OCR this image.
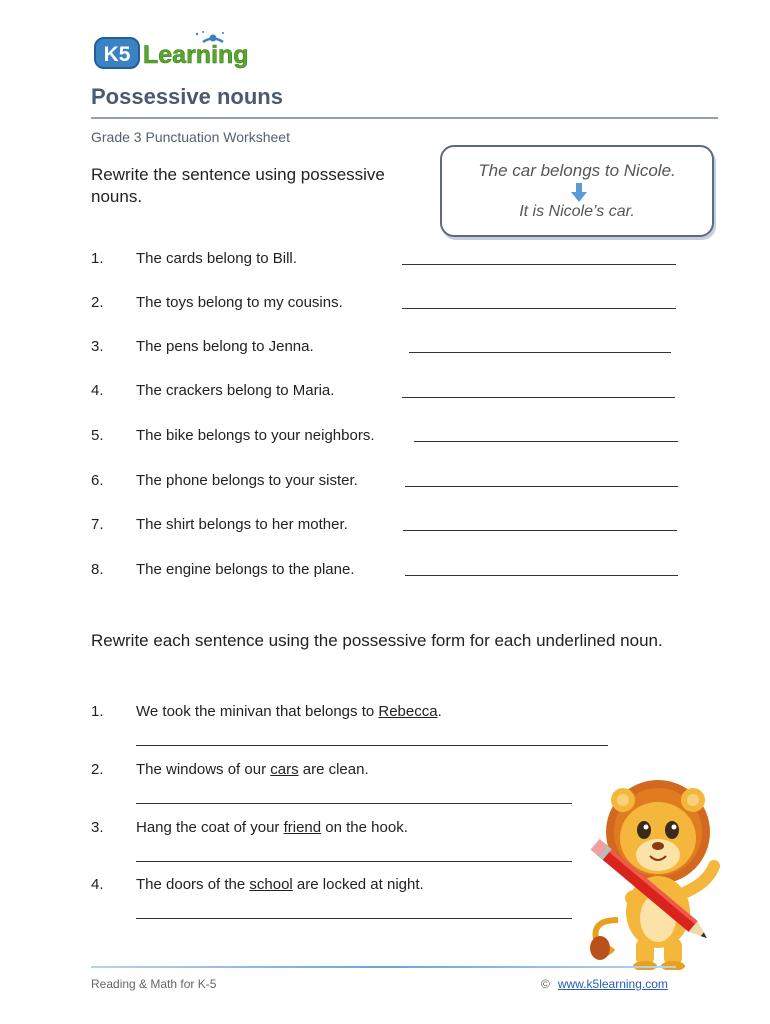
K5 Learning
Possessive nouns
Grade 3 Punctuation Worksheet
Rewrite the sentence using possessive nouns.
The car belongs to Nicole.
It is Nicole’s car.
1. The cards belong to Bill.
2. The toys belong to my cousins.
3. The pens belong to Jenna.
4. The crackers belong to Maria.
5. The bike belongs to your neighbors.
6. The phone belongs to your sister.
7. The shirt belongs to her mother.
8. The engine belongs to the plane.
Rewrite each sentence using the possessive form for each underlined noun.
1. We took the minivan that belongs to Rebecca.
2. The windows of our cars are clean.
3. Hang the coat of your friend on the hook.
4. The doors of the school are locked at night.
Reading & Math for K-5	© www.k5learning.com
